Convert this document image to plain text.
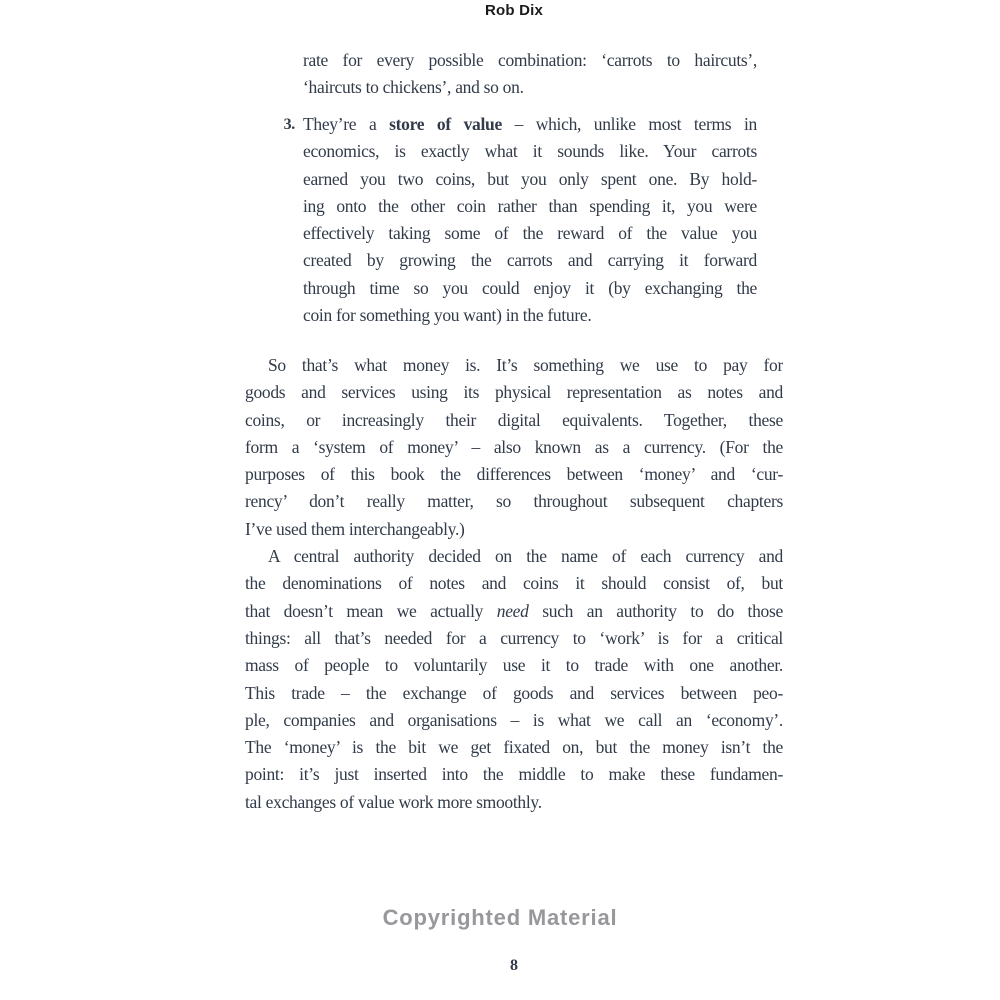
Rob Dix
rate for every possible combination: ‘carrots to haircuts’,
‘haircuts to chickens’, and so on.
3. They’re a store of value – which, unlike most terms in
economics, is exactly what it sounds like. Your carrots
earned you two coins, but you only spent one. By hold-
ing onto the other coin rather than spending it, you were
effectively taking some of the reward of the value you
created by growing the carrots and carrying it forward
through time so you could enjoy it (by exchanging the
coin for something you want) in the future.
So that’s what money is. It’s something we use to pay for
goods and services using its physical representation as notes and
coins, or increasingly their digital equivalents. Together, these
form a ‘system of money’ – also known as a currency. (For the
purposes of this book the differences between ‘money’ and ‘cur-
rency’ don’t really matter, so throughout subsequent chapters
I’ve used them interchangeably.)
A central authority decided on the name of each currency and
the denominations of notes and coins it should consist of, but
that doesn’t mean we actually need such an authority to do those
things: all that’s needed for a currency to ‘work’ is for a critical
mass of people to voluntarily use it to trade with one another.
This trade – the exchange of goods and services between peo-
ple, companies and organisations – is what we call an ‘economy’.
The ‘money’ is the bit we get fixated on, but the money isn’t the
point: it’s just inserted into the middle to make these fundamen-
tal exchanges of value work more smoothly.
Copyrighted Material
8
